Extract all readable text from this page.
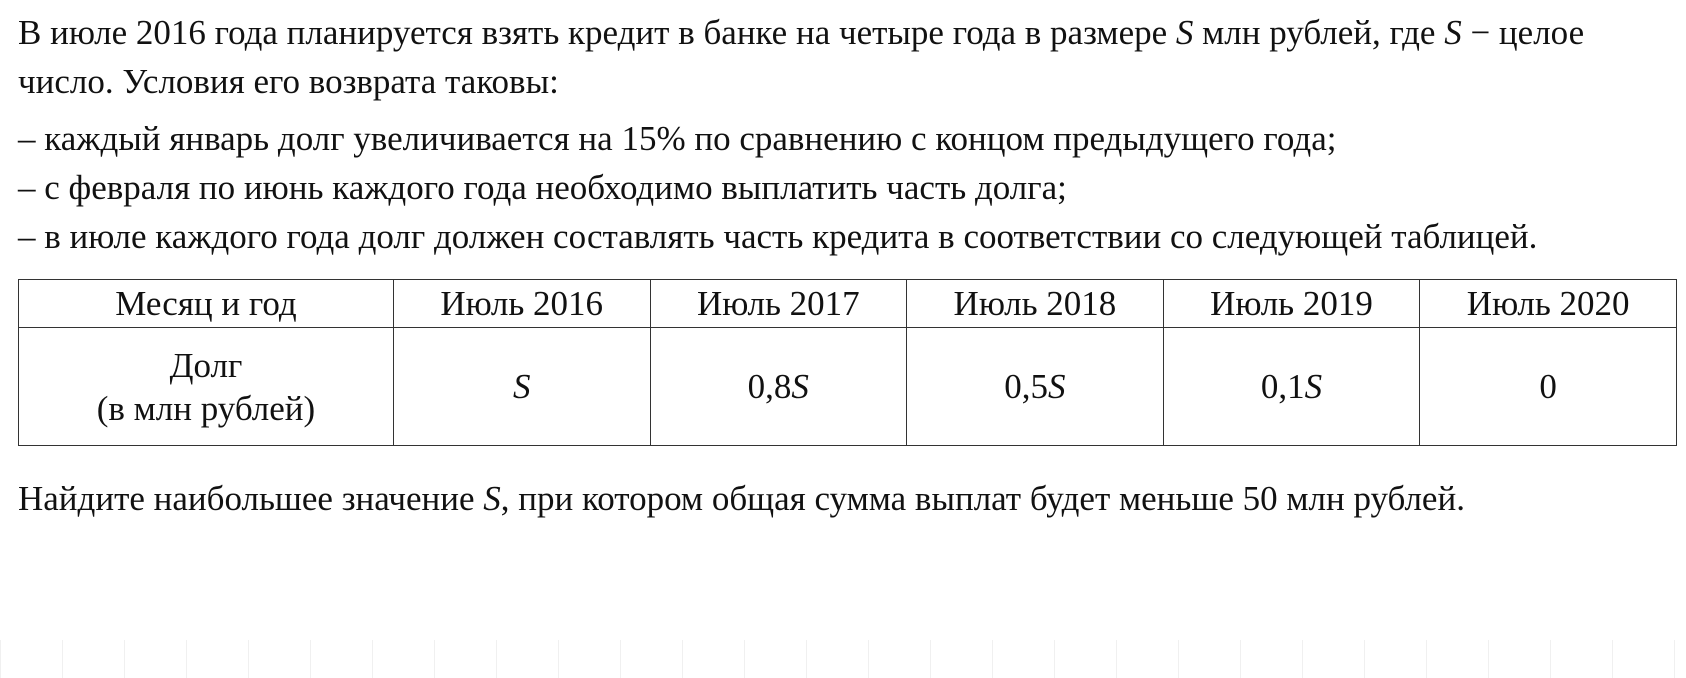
В июле 2016 года планируется взять кредит в банке на четыре года в размере S млн рублей, где S − целое число. Условия его возврата таковы:

– каждый январь долг увеличивается на 15% по сравнению с концом предыдущего года;
– с февраля по июнь каждого года необходимо выплатить часть долга;
– в июле каждого года долг должен составлять часть кредита в соответствии со следующей таблицей.
Месяц и год	Июль 2016	Июль 2017	Июль 2018	Июль 2019	Июль 2020

Долг
(в млн рублей)	S	0,8S	0,5S	0,1S	0

Найдите наибольшее значение S, при котором общая сумма выплат будет меньше 50 млн рублей.
